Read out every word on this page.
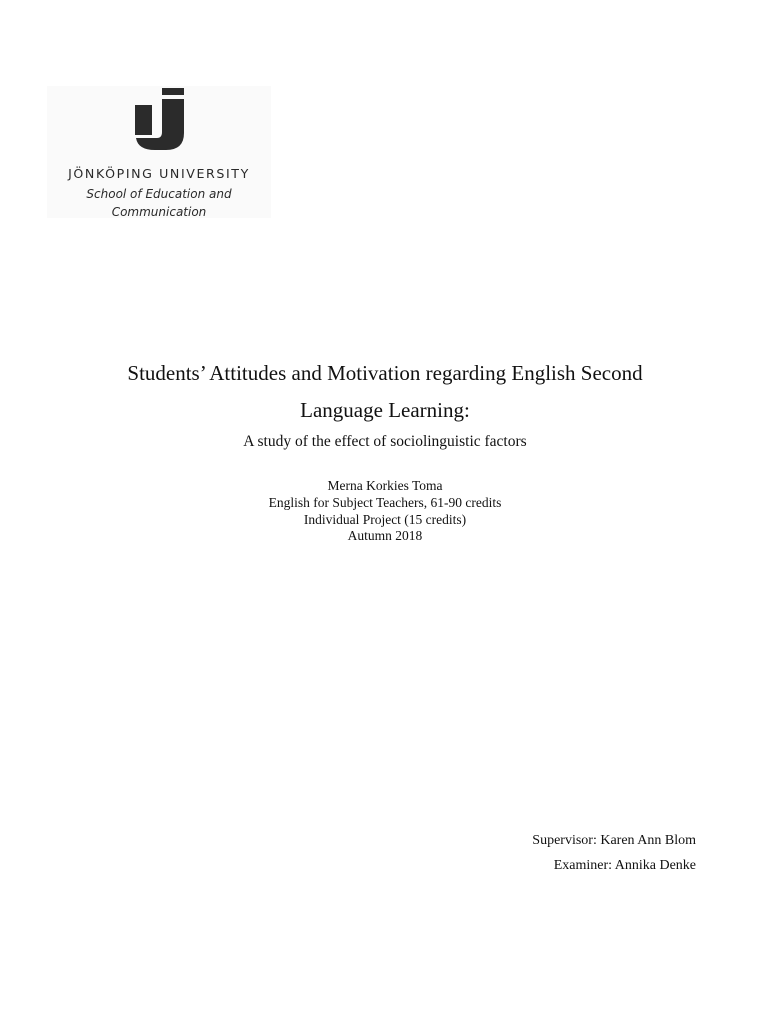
JÖNKÖPING UNIVERSITY
School of Education and
Communication
Students’ Attitudes and Motivation regarding English Second
Language Learning:
A study of the effect of sociolinguistic factors
Merna Korkies Toma
English for Subject Teachers, 61-90 credits
Individual Project (15 credits)
Autumn 2018
Supervisor: Karen Ann Blom
Examiner: Annika Denke
